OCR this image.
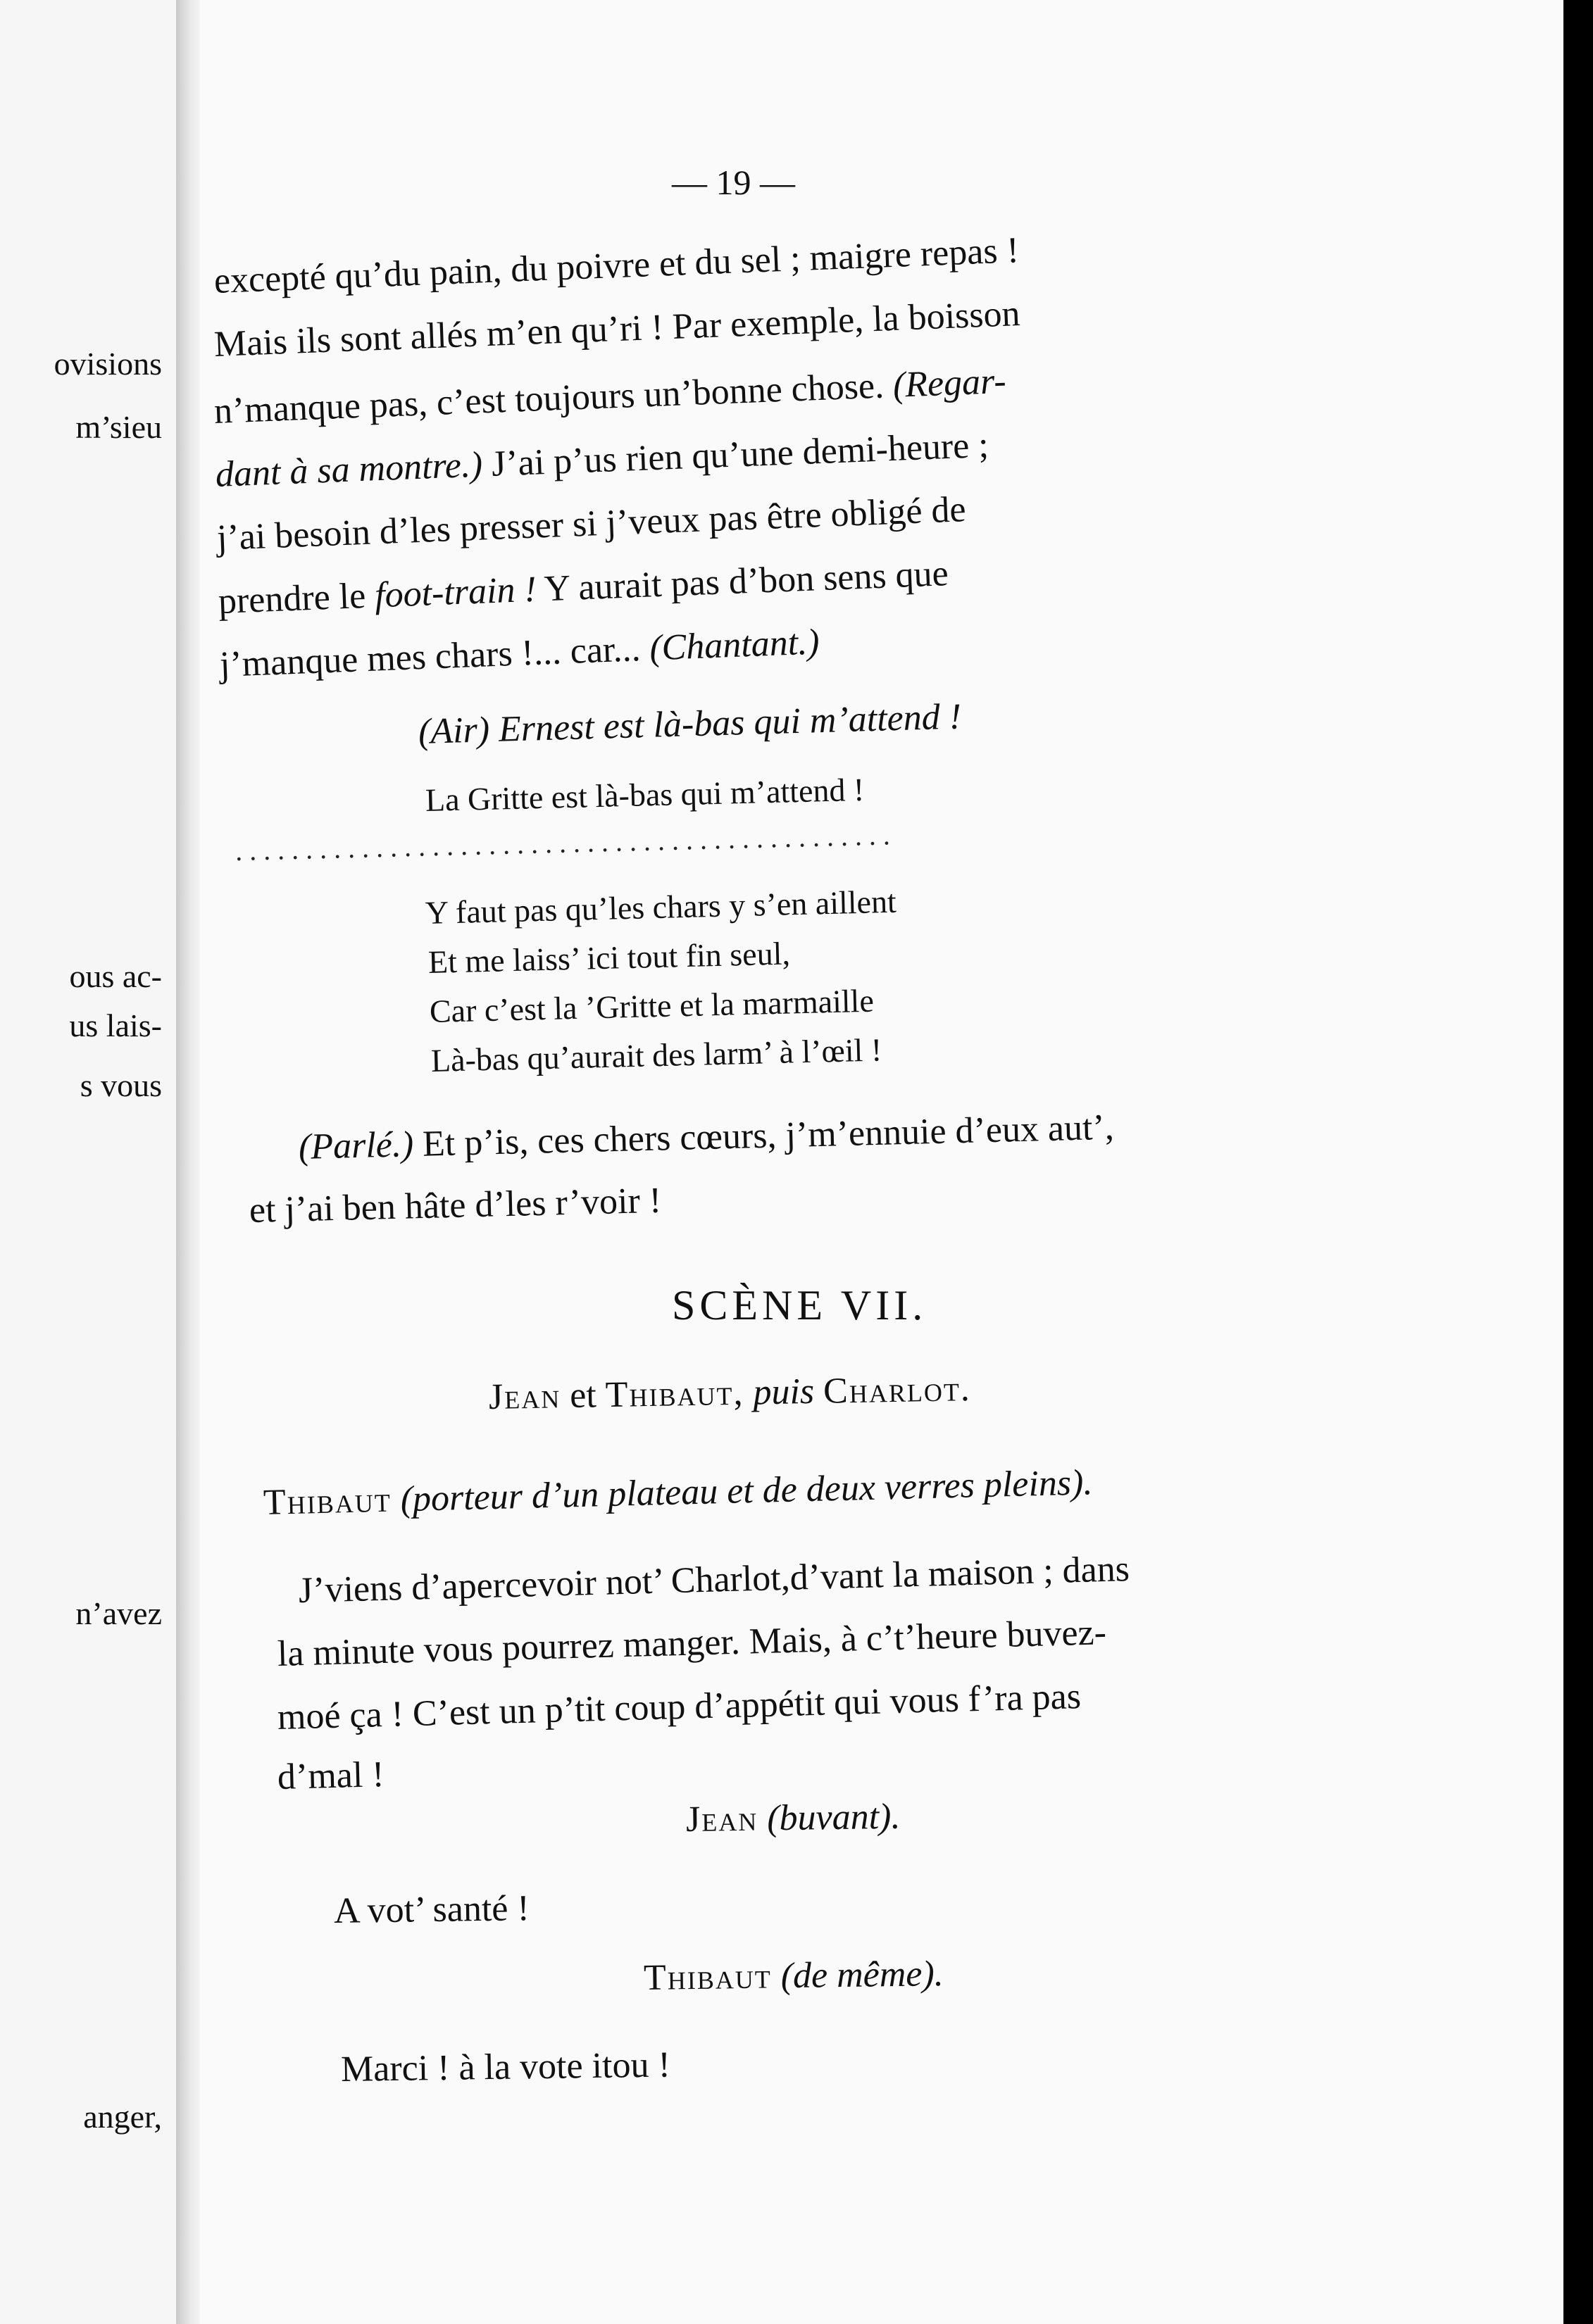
ovisions
m’sieu
ous ac-
us lais-
s vous
n’avez
anger,
— 19 —
excepté qu’du pain, du poivre et du sel ; maigre repas !
Mais ils sont allés m’en qu’ri ! Par exemple, la boisson
n’manque pas, c’est toujours un’bonne chose. (Regar-
dant à sa montre.) J’ai p’us rien qu’une demi-heure ;
j’ai besoin d’les presser si j’veux pas être obligé de
prendre le foot-train ! Y aurait pas d’bon sens que
j’manque mes chars !... car... (Chantant.)
(Air) Ernest est là-bas qui m’attend !
La Gritte est là-bas qui m’attend !
...............................................
Y faut pas qu’les chars y s’en aillent
Et me laiss’ ici tout fin seul,
Car c’est la ’Gritte et la marmaille
Là-bas qu’aurait des larm’ à l’œil !
(Parlé.) Et p’is, ces chers cœurs, j’m’ennuie d’eux aut’,
et j’ai ben hâte d’les r’voir !
SCÈNE VII.
Jean et Thibaut, puis Charlot.
Thibaut (porteur d’un plateau et de deux verres pleins).
J’viens d’apercevoir not’ Charlot,d’vant la maison ; dans
la minute vous pourrez manger. Mais, à c’t’heure buvez-
moé ça ! C’est un p’tit coup d’appétit qui vous f’ra pas
d’mal !
Jean (buvant).
A vot’ santé !
Thibaut (de même).
Marci ! à la vote itou !
